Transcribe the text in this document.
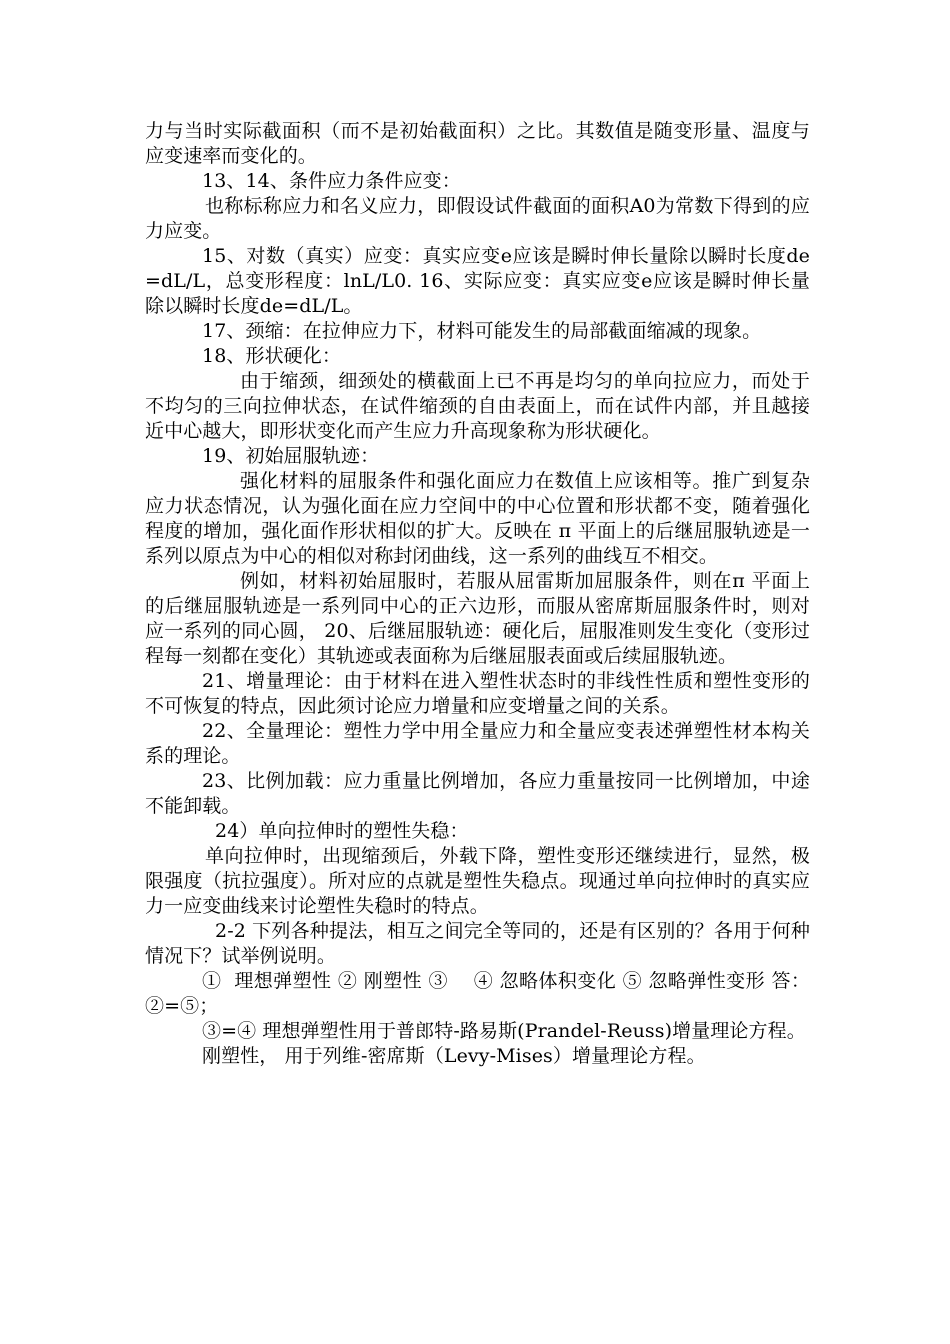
力与当时实际截面积（而不是初始截面积）之比。其数值是随变形量、温度与应变速率而变化的。

13、14、条件应力条件应变：

也称标称应力和名义应力，即假设试件截面的面积A0为常数下得到的应力应变。

15、对数（真实）应变：真实应变e应该是瞬时伸长量除以瞬时长度de=dL/L，总变形程度：lnL/L0. 16、实际应变：真实应变e应该是瞬时伸长量除以瞬时长度de=dL/L。

17、颈缩：在拉伸应力下，材料可能发生的局部截面缩减的现象。

18、形状硬化：

由于缩颈，细颈处的横截面上已不再是均匀的单向拉应力，而处于不均匀的三向拉伸状态，在试件缩颈的自由表面上，而在试件内部，并且越接近中心越大，即形状变化而产生应力升高现象称为形状硬化。

19、初始屈服轨迹：

强化材料的屈服条件和强化面应力在数值上应该相等。推广到复杂应力状态情况，认为强化面在应力空间中的中心位置和形状都不变，随着强化程度的增加，强化面作形状相似的扩大。反映在 π 平面上的后继屈服轨迹是一系列以原点为中心的相似对称封闭曲线，这一系列的曲线互不相交。

例如，材料初始屈服时，若服从屈雷斯加屈服条件，则在π 平面上的后继屈服轨迹是一系列同中心的正六边形，而服从密席斯屈服条件时，则对应一系列的同心圆， 20、后继屈服轨迹：硬化后，屈服准则发生变化（变形过程每一刻都在变化）其轨迹或表面称为后继屈服表面或后续屈服轨迹。

21、增量理论：由于材料在进入塑性状态时的非线性性质和塑性变形的不可恢复的特点，因此须讨论应力增量和应变增量之间的关系。

22、全量理论：塑性力学中用全量应力和全量应变表述弹塑性材本构关系的理论。

23、比例加载：应力重量比例增加，各应力重量按同一比例增加，中途不能卸载。

24）单向拉伸时的塑性失稳：

单向拉伸时，出现缩颈后，外载下降，塑性变形还继续进行，显然，极限强度（抗拉强度）。所对应的点就是塑性失稳点。现通过单向拉伸时的真实应力一应变曲线来讨论塑性失稳时的特点。

2-2 下列各种提法，相互之间完全等同的，还是有区别的？各用于何种情况下？试举例说明。

①  理想弹塑性 ② 刚塑性 ③    ④ 忽略体积变化 ⑤ 忽略弹性变形 答：②=⑤；

③=④ 理想弹塑性用于普郎特-路易斯(Prandel-Reuss)增量理论方程。

刚塑性， 用于列维-密席斯（Levy-Mises）增量理论方程。
